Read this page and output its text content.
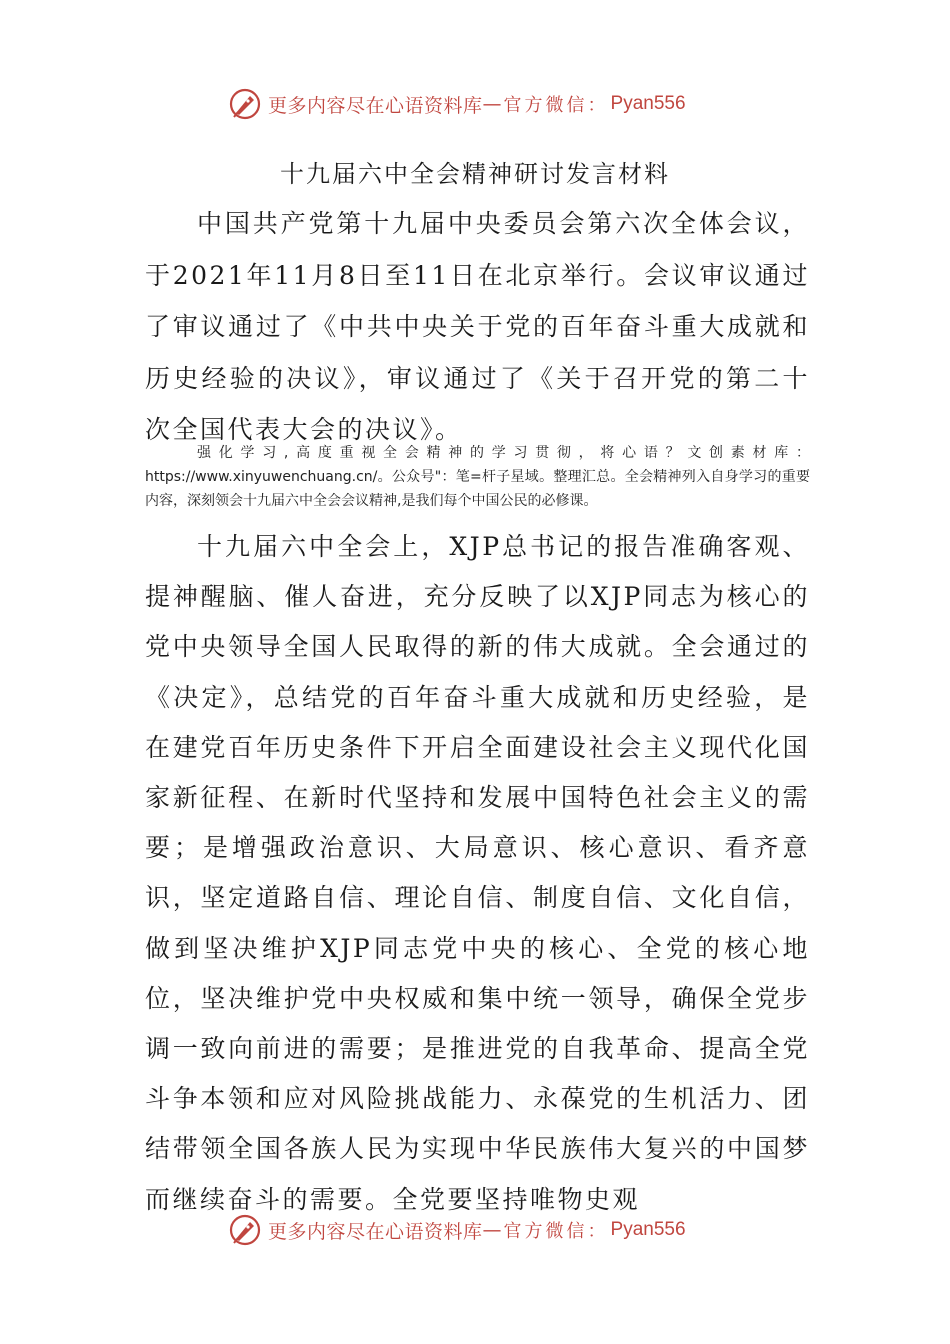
更多内容尽在心语资料库 — 官方微信： Pyan556
十九届六中全会精神研讨发言材料

中国共产党第十九届中央委员会第六次全体会议，于2021年11月8日至11日在北京举行。会议审议通过了审议通过了《中共中央关于党的百年奋斗重大成就和历史经验的决议》，审议通过了《关于召开党的第二十次全国代表大会的决议》。

强化学习,高度重视全会精神的学习贯彻，将心语？文创素材库：https://www.xinyuwenchuang.cn/。公众号"：笔=杆子星域。整理汇总。全会精神列入自身学习的重要内容，深刻领会十九届六中全会会议精神,是我们每个中国公民的必修课。

十九届六中全会上，XJP总书记的报告准确客观、提神醒脑、催人奋进，充分反映了以XJP同志为核心的党中央领导全国人民取得的新的伟大成就。全会通过的《决定》，总结党的百年奋斗重大成就和历史经验，是在建党百年历史条件下开启全面建设社会主义现代化国家新征程、在新时代坚持和发展中国特色社会主义的需要；是增强政治意识、大局意识、核心意识、看齐意识，坚定道路自信、理论自信、制度自信、文化自信，做到坚决维护XJP同志党中央的核心、全党的核心地位，坚决维护党中央权威和集中统一领导，确保全党步调一致向前进的需要；是推进党的自我革命、提高全党斗争本领和应对风险挑战能力、永葆党的生机活力、团结带领全国各族人民为实现中华民族伟大复兴的中国梦而继续奋斗的需要。全党要坚持唯物史观

更多内容尽在心语资料库 — 官方微信： Pyan556
